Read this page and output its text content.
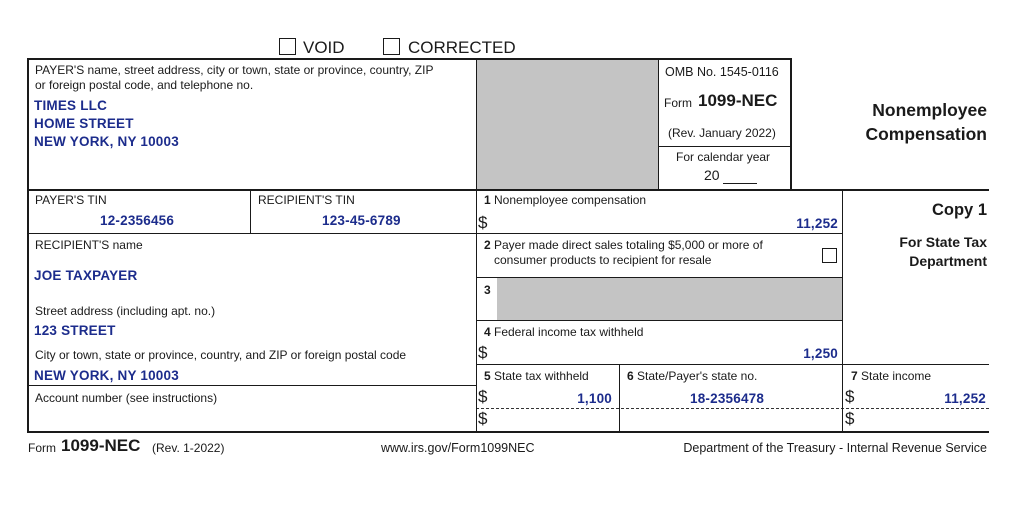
VOID	CORRECTED
PAYER'S name, street address, city or town, state or province, country, ZIP
or foreign postal code, and telephone no.
TIMES LLC
HOME STREET
NEW YORK, NY 10003
OMB No. 1545-0116
Form 1099-NEC
(Rev. January 2022)
For calendar year
20
Nonemployee
Compensation
Copy 1
For State Tax
Department
PAYER'S TIN
12-2356456
RECIPIENT'S TIN
123-45-6789
RECIPIENT'S name
JOE TAXPAYER
Street address (including apt. no.)
123 STREET
City or town, state or province, country, and ZIP or foreign postal code
NEW YORK, NY 10003
Account number (see instructions)
1 Nonemployee compensation
$	11,252
2 Payer made direct sales totaling $5,000 or more of
consumer products to recipient for resale
3
4 Federal income tax withheld
$	1,250
5 State tax withheld
$	1,100
$
6 State/Payer's state no.
18-2356478
7 State income
$	11,252
$
Form 1099-NEC (Rev. 1-2022)	www.irs.gov/Form1099NEC	Department of the Treasury - Internal Revenue Service
